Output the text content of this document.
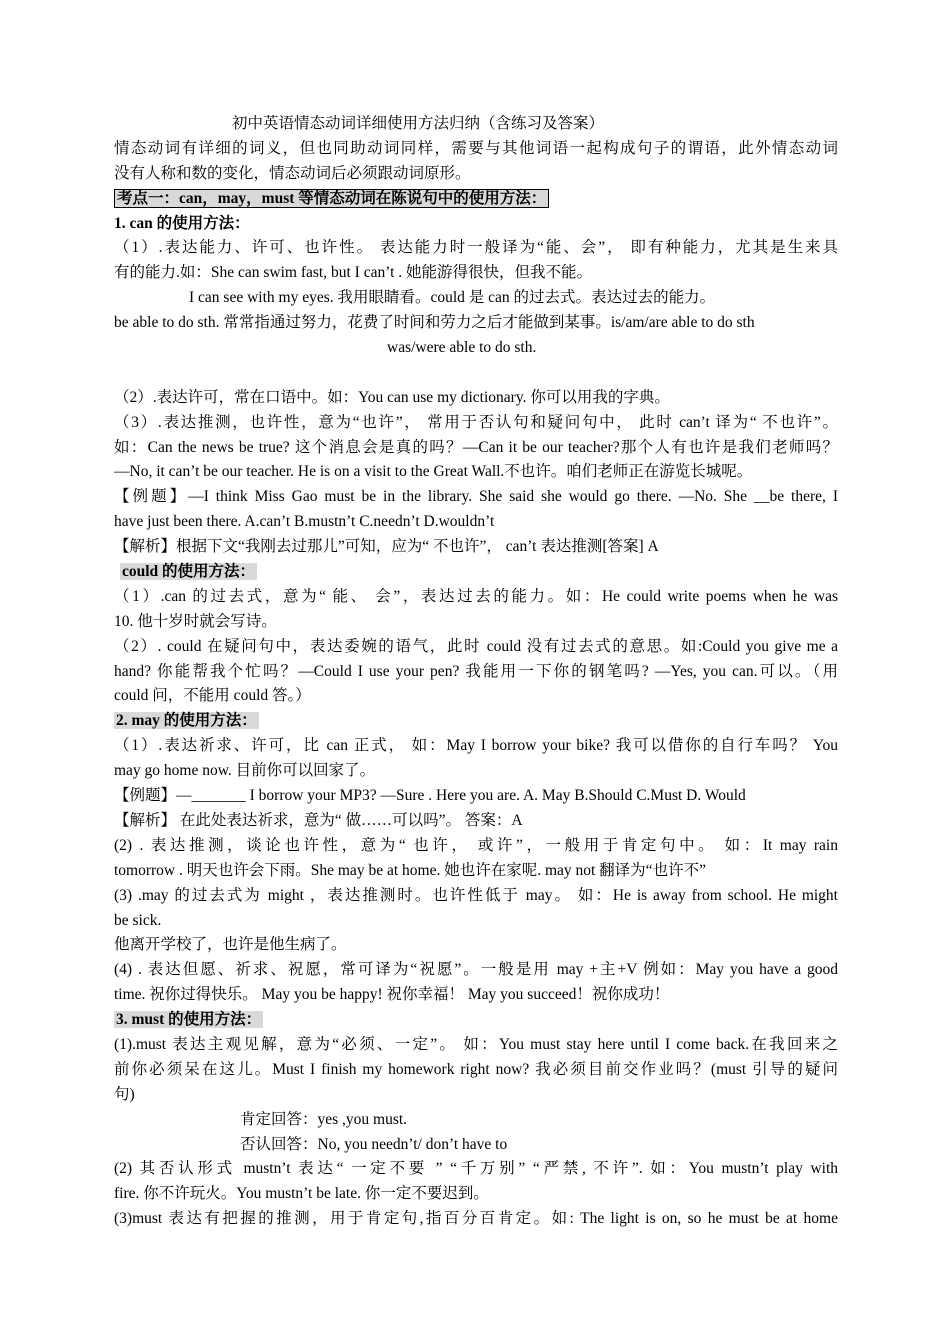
初中英语情态动词详细使用方法归纳（含练习及答案）
情态动词有详细的词义，但也同助动词同样，需要与其他词语一起构成句子的谓语，此外情态动词
没有人称和数的变化，情态动词后必须跟动词原形。
考点一：can，may，must 等情态动词在陈说句中的使用方法：
1. can 的使用方法：
（1）.表达能力、许可、也许性。 表达能力时一般译为“能、会”， 即有种能力，尤其是生来具
有的能力.如：She can swim fast, but I can’t . 她能游得很快，但我不能。
I can see with my eyes. 我用眼睛看。could 是 can 的过去式。表达过去的能力。
be able to do sth. 常常指通过努力，花费了时间和劳力之后才能做到某事。is/am/are able to do sth
was/were able to do sth.
（2）.表达许可，常在口语中。如：You can use my dictionary. 你可以用我的字典。
（3）.表达推测，也许性，意为“也许”， 常用于否认句和疑问句中， 此时 can’t 译为“ 不也许”。
如：Can the news be true? 这个消息会是真的吗？—Can it be our teacher?那个人有也许是我们老师吗？
—No, it can’t be our teacher. He is on a visit to the Great Wall.不也许。咱们老师正在游览长城呢。
【例题】—I think Miss Gao must be in the library. She said she would go there. —No. She __be there, I
have just been there. A.can’t B.mustn’t C.needn’t D.wouldn’t
【解析】根据下文“我刚去过那儿”可知，应为“ 不也许”， can’t 表达推测[答案] A
could 的使用方法：
（1）.can 的过去式，意为“ 能、 会”，表达过去的能力。如：He could write poems when he was
10. 他十岁时就会写诗。
（2）. could 在疑问句中，表达委婉的语气，此时 could 没有过去式的意思。如:Could you give me a
hand? 你能帮我个忙吗？—Could I use your pen? 我能用一下你的钢笔吗? —Yes, you can.可以。（用
could 问，不能用 could 答。）
2. may 的使用方法：
（1）.表达祈求、许可，比 can 正式， 如：May I borrow your bike? 我可以借你的自行车吗？ You
may go home now. 目前你可以回家了。
【例题】—_______ I borrow your MP3? —Sure . Here you are. A. May B.Should C.Must D. Would
【解析】 在此处表达祈求，意为“ 做……可以吗”。 答案：A
(2) . 表达推测，谈论也许性，意为“ 也许， 或许”，一般用于肯定句中。 如：It may rain
tomorrow . 明天也许会下雨。She may be at home. 她也许在家呢. may not 翻译为“也许不”
(3) .may 的过去式为 might ，表达推测时。也许性低于 may。 如：He is away from school. He might
be sick.
他离开学校了，也许是他生病了。
(4) . 表达但愿、祈求、祝愿，常可译为“祝愿”。一般是用 may +主+V 例如：May you have a good
time. 祝你过得快乐。 May you be happy! 祝你幸福！ May you succeed！祝你成功！
3. must 的使用方法：
(1).must 表达主观见解，意为“必须、一定”。 如：You must stay here until I come back.在我回来之
前你必须呆在这儿。Must I finish my homework right now? 我必须目前交作业吗？(must 引导的疑问
句)
肯定回答：yes ,you must.
否认回答：No, you needn’t/ don’t have to
(2) 其否认形式 mustn’t 表达“ 一定不要 ” “千万别” “严禁, 不许”. 如：You mustn’t play with
fire. 你不许玩火。You mustn’t be late. 你一定不要迟到。
(3)must 表达有把握的推测，用于肯定句,指百分百肯定。如: The light is on, so he must be at home
